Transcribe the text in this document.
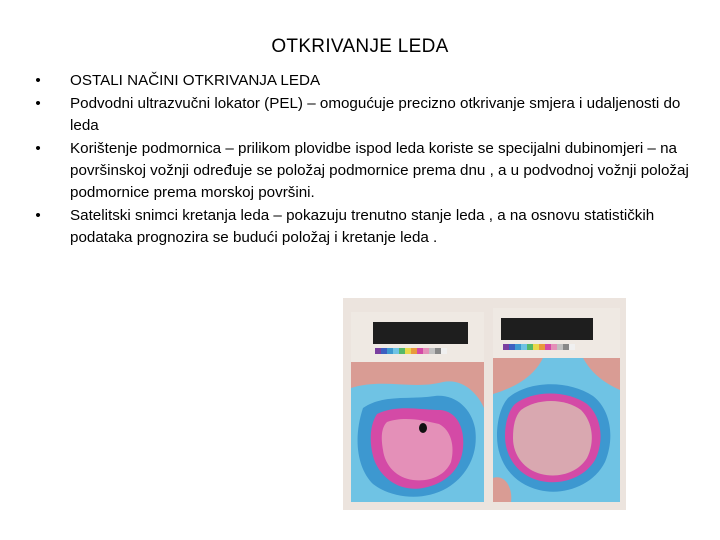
OTKRIVANJE LEDA
• OSTALI NAČINI OTKRIVANJA LEDA
• Podvodni ultrazvučni lokator (PEL) – omogućuje precizno otkrivanje smjera i udaljenosti do leda
• Korištenje podmornica – prilikom plovidbe ispod leda koriste se specijalni dubinomjeri – na površinskoj vožnji određuje se položaj podmornice prema dnu , a u podvodnoj vožnji položaj podmornice prema morskoj površini.
• Satelitski snimci kretanja leda – pokazuju trenutno stanje leda , a na osnovu statističkih podataka prognozira se budući položaj i kretanje leda .
